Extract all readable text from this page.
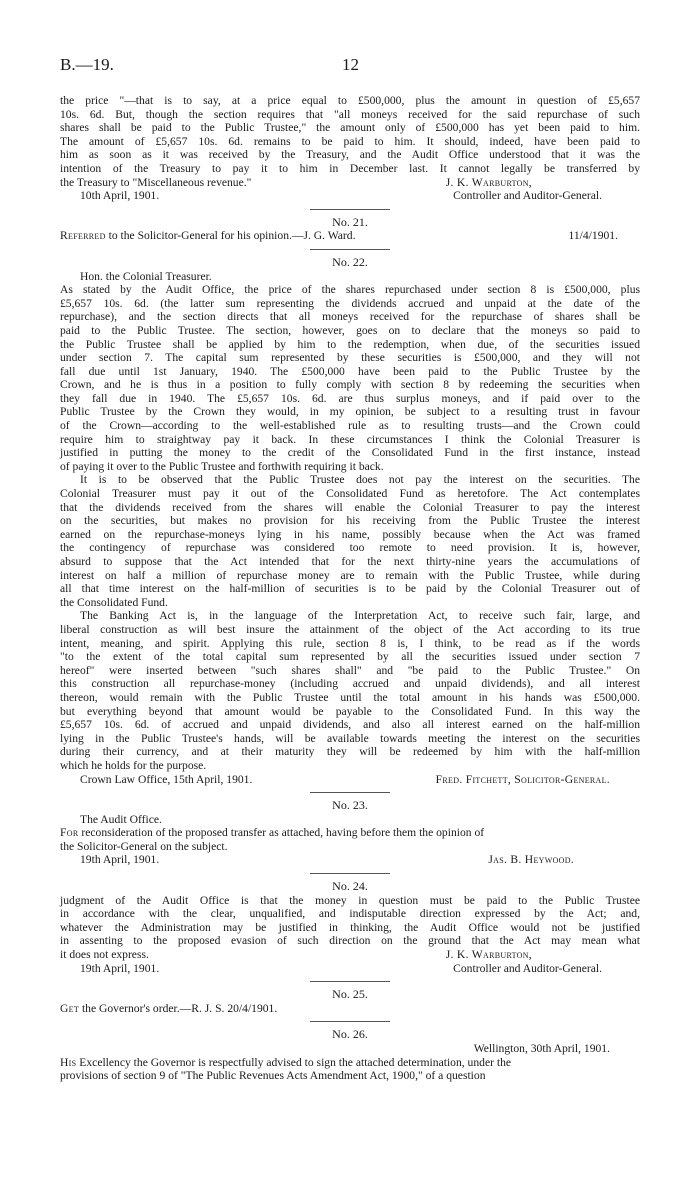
B.—19.	12

the price "—that is to say, at a price equal to £500,000, plus the amount in question of £5,657

10s. 6d. But, though the section requires that "all moneys received for the said repurchase of such

shares shall be paid to the Public Trustee," the amount only of £500,000 has yet been paid to him.

The amount of £5,657 10s. 6d. remains to be paid to him. It should, indeed, have been paid to

him as soon as it was received by the Treasury, and the Audit Office understood that it was the

intention of the Treasury to pay it to him in December last. It cannot legally be transferred by

the Treasury to "Miscellaneous revenue."	J. K. Warburton,
10th April, 1901.	Controller and Auditor-General.
No. 21.
Referred to the Solicitor-General for his opinion.—J. G. Ward.	11/4/1901.
No. 22.
Hon. the Colonial Treasurer.

As stated by the Audit Office, the price of the shares repurchased under section 8 is £500,000, plus

£5,657 10s. 6d. (the latter sum representing the dividends accrued and unpaid at the date of the

repurchase), and the section directs that all moneys received for the repurchase of shares shall be

paid to the Public Trustee. The section, however, goes on to declare that the moneys so paid to

the Public Trustee shall be applied by him to the redemption, when due, of the securities issued

under section 7. The capital sum represented by these securities is £500,000, and they will not

fall due until 1st January, 1940. The £500,000 have been paid to the Public Trustee by the

Crown, and he is thus in a position to fully comply with section 8 by redeeming the securities when

they fall due in 1940. The £5,657 10s. 6d. are thus surplus moneys, and if paid over to the

Public Trustee by the Crown they would, in my opinion, be subject to a resulting trust in favour

of the Crown—according to the well-established rule as to resulting trusts—and the Crown could

require him to straightway pay it back. In these circumstances I think the Colonial Treasurer is

justified in putting the money to the credit of the Consolidated Fund in the first instance, instead

of paying it over to the Public Trustee and forthwith requiring it back.

It is to be observed that the Public Trustee does not pay the interest on the securities. The

Colonial Treasurer must pay it out of the Consolidated Fund as heretofore. The Act contemplates

that the dividends received from the shares will enable the Colonial Treasurer to pay the interest

on the securities, but makes no provision for his receiving from the Public Trustee the interest

earned on the repurchase-moneys lying in his name, possibly because when the Act was framed

the contingency of repurchase was considered too remote to need provision. It is, however,

absurd to suppose that the Act intended that for the next thirty-nine years the accumulations of

interest on half a million of repurchase money are to remain with the Public Trustee, while during

all that time interest on the half-million of securities is to be paid by the Colonial Treasurer out of

the Consolidated Fund.

The Banking Act is, in the language of the Interpretation Act, to receive such fair, large, and

liberal construction as will best insure the attainment of the object of the Act according to its true

intent, meaning, and spirit. Applying this rule, section 8 is, I think, to be read as if the words

"to the extent of the total capital sum represented by all the securities issued under section 7

hereof" were inserted between "such shares shall" and "be paid to the Public Trustee." On

this construction all repurchase-money (including accrued and unpaid dividends), and all interest

thereon, would remain with the Public Trustee until the total amount in his hands was £500,000.

but everything beyond that amount would be payable to the Consolidated Fund. In this way the

£5,657 10s. 6d. of accrued and unpaid dividends, and also all interest earned on the half-million

lying in the Public Trustee's hands, will be available towards meeting the interest on the securities

during their currency, and at their maturity they will be redeemed by him with the half-million

which he holds for the purpose.
Crown Law Office, 15th April, 1901.	Fred. Fitchett, Solicitor-General.
No. 23.
The Audit Office.

For reconsideration of the proposed transfer as attached, having before them the opinion of

the Solicitor-General on the subject.
19th April, 1901.	Jas. B. Heywood.
No. 24.

judgment of the Audit Office is that the money in question must be paid to the Public Trustee

in accordance with the clear, unqualified, and indisputable direction expressed by the Act; and,

whatever the Administration may be justified in thinking, the Audit Office would not be justified

in assenting to the proposed evasion of such direction on the ground that the Act may mean what

it does not express.	J. K. Warburton,
19th April, 1901.	Controller and Auditor-General.
No. 25.
Get the Governor's order.—R. J. S. 20/4/1901.
No. 26.
Wellington, 30th April, 1901.

His Excellency the Governor is respectfully advised to sign the attached determination, under the

provisions of section 9 of "The Public Revenues Acts Amendment Act, 1900," of a question
